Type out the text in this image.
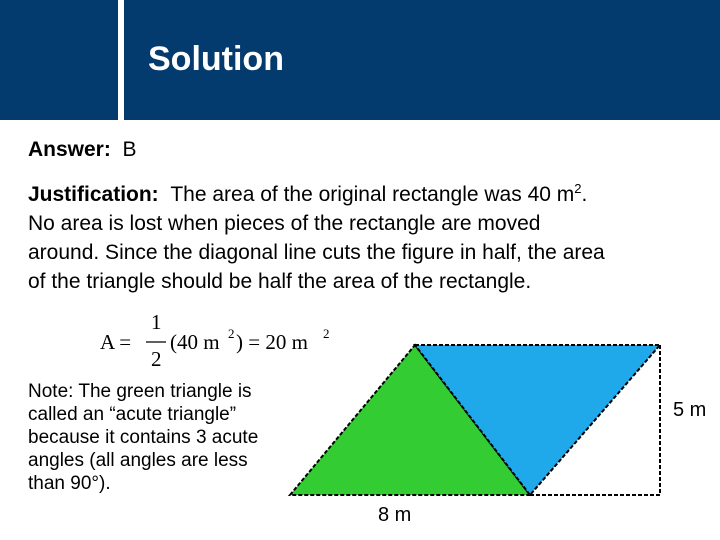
Solution
Answer: B

Justification: The area of the original rectangle was 40 $m^2$.

No area is lost when pieces of the rectangle are moved

around. Since the diagonal line cuts the figure in half, the area

of the triangle should be half the area of the rectangle.

A =
1
2
(40 m 2 ) = 20 m 2

Note: The green triangle is

called an “acute triangle”

because it contains 3 acute

angles (all angles are less

than 90°).

5 m
8 m
